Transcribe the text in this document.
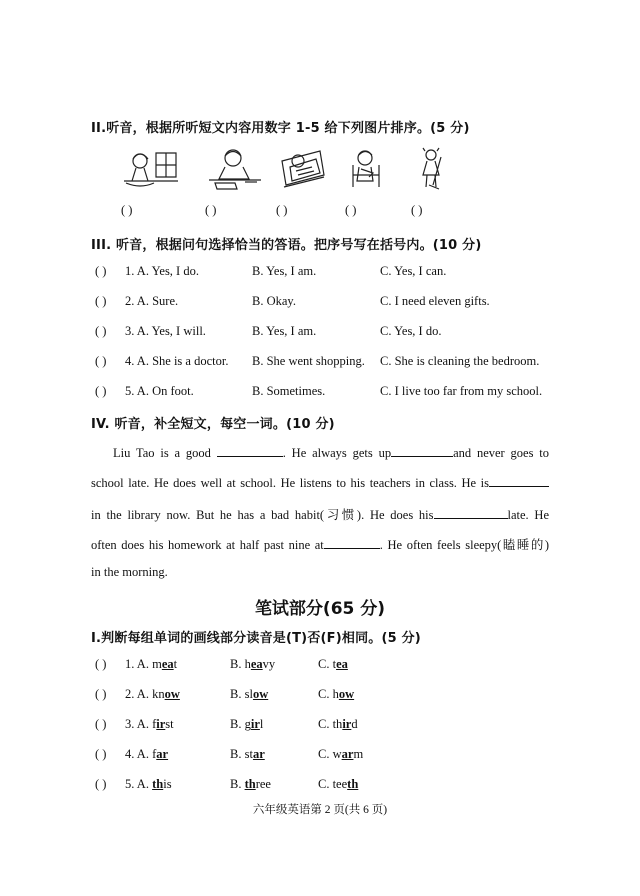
II.听音，根据所听短文内容用数字 1-5 给下列图片排序。(5 分)
( )	( )	( )	( )	( )
III. 听音，根据问句选择恰当的答语。把序号写在括号内。(10 分)
( ) 1. A. Yes, I do.	B. Yes, I am.	C. Yes, I can.
( ) 2. A. Sure.	B. Okay.	C. I need eleven gifts.
( ) 3. A. Yes, I will.	B. Yes, I am.	C. Yes, I do.
( ) 4. A. She is a doctor. B. She went shopping. C. She is cleaning the bedroom.
( ) 5. A. On foot.	B. Sometimes.	C. I live too far from my school.
IV. 听音，补全短文，每空一词。(10 分)
Liu Tao is a good	. He always gets up	and never goes to
school late. He does well at school. He listens to his teachers in class. He is
in the library now. But he has a bad habit(习惯). He does his	late. He
often does his homework at half past nine at	. He often feels sleepy(瞌睡的)
in the morning.
笔试部分(65 分)
I.判断每组单词的画线部分读音是(T)否(F)相同。(5 分)
( ) 1. A. meat	B. heavy	C. tea
( ) 2. A. know	B. slow	C. how
( ) 3. A. first	B. girl	C. third
( ) 4. A. far	B. star	C. warm
( ) 5. A. this	B. three	C. teeth
六年级英语第 2 页(共 6 页)
